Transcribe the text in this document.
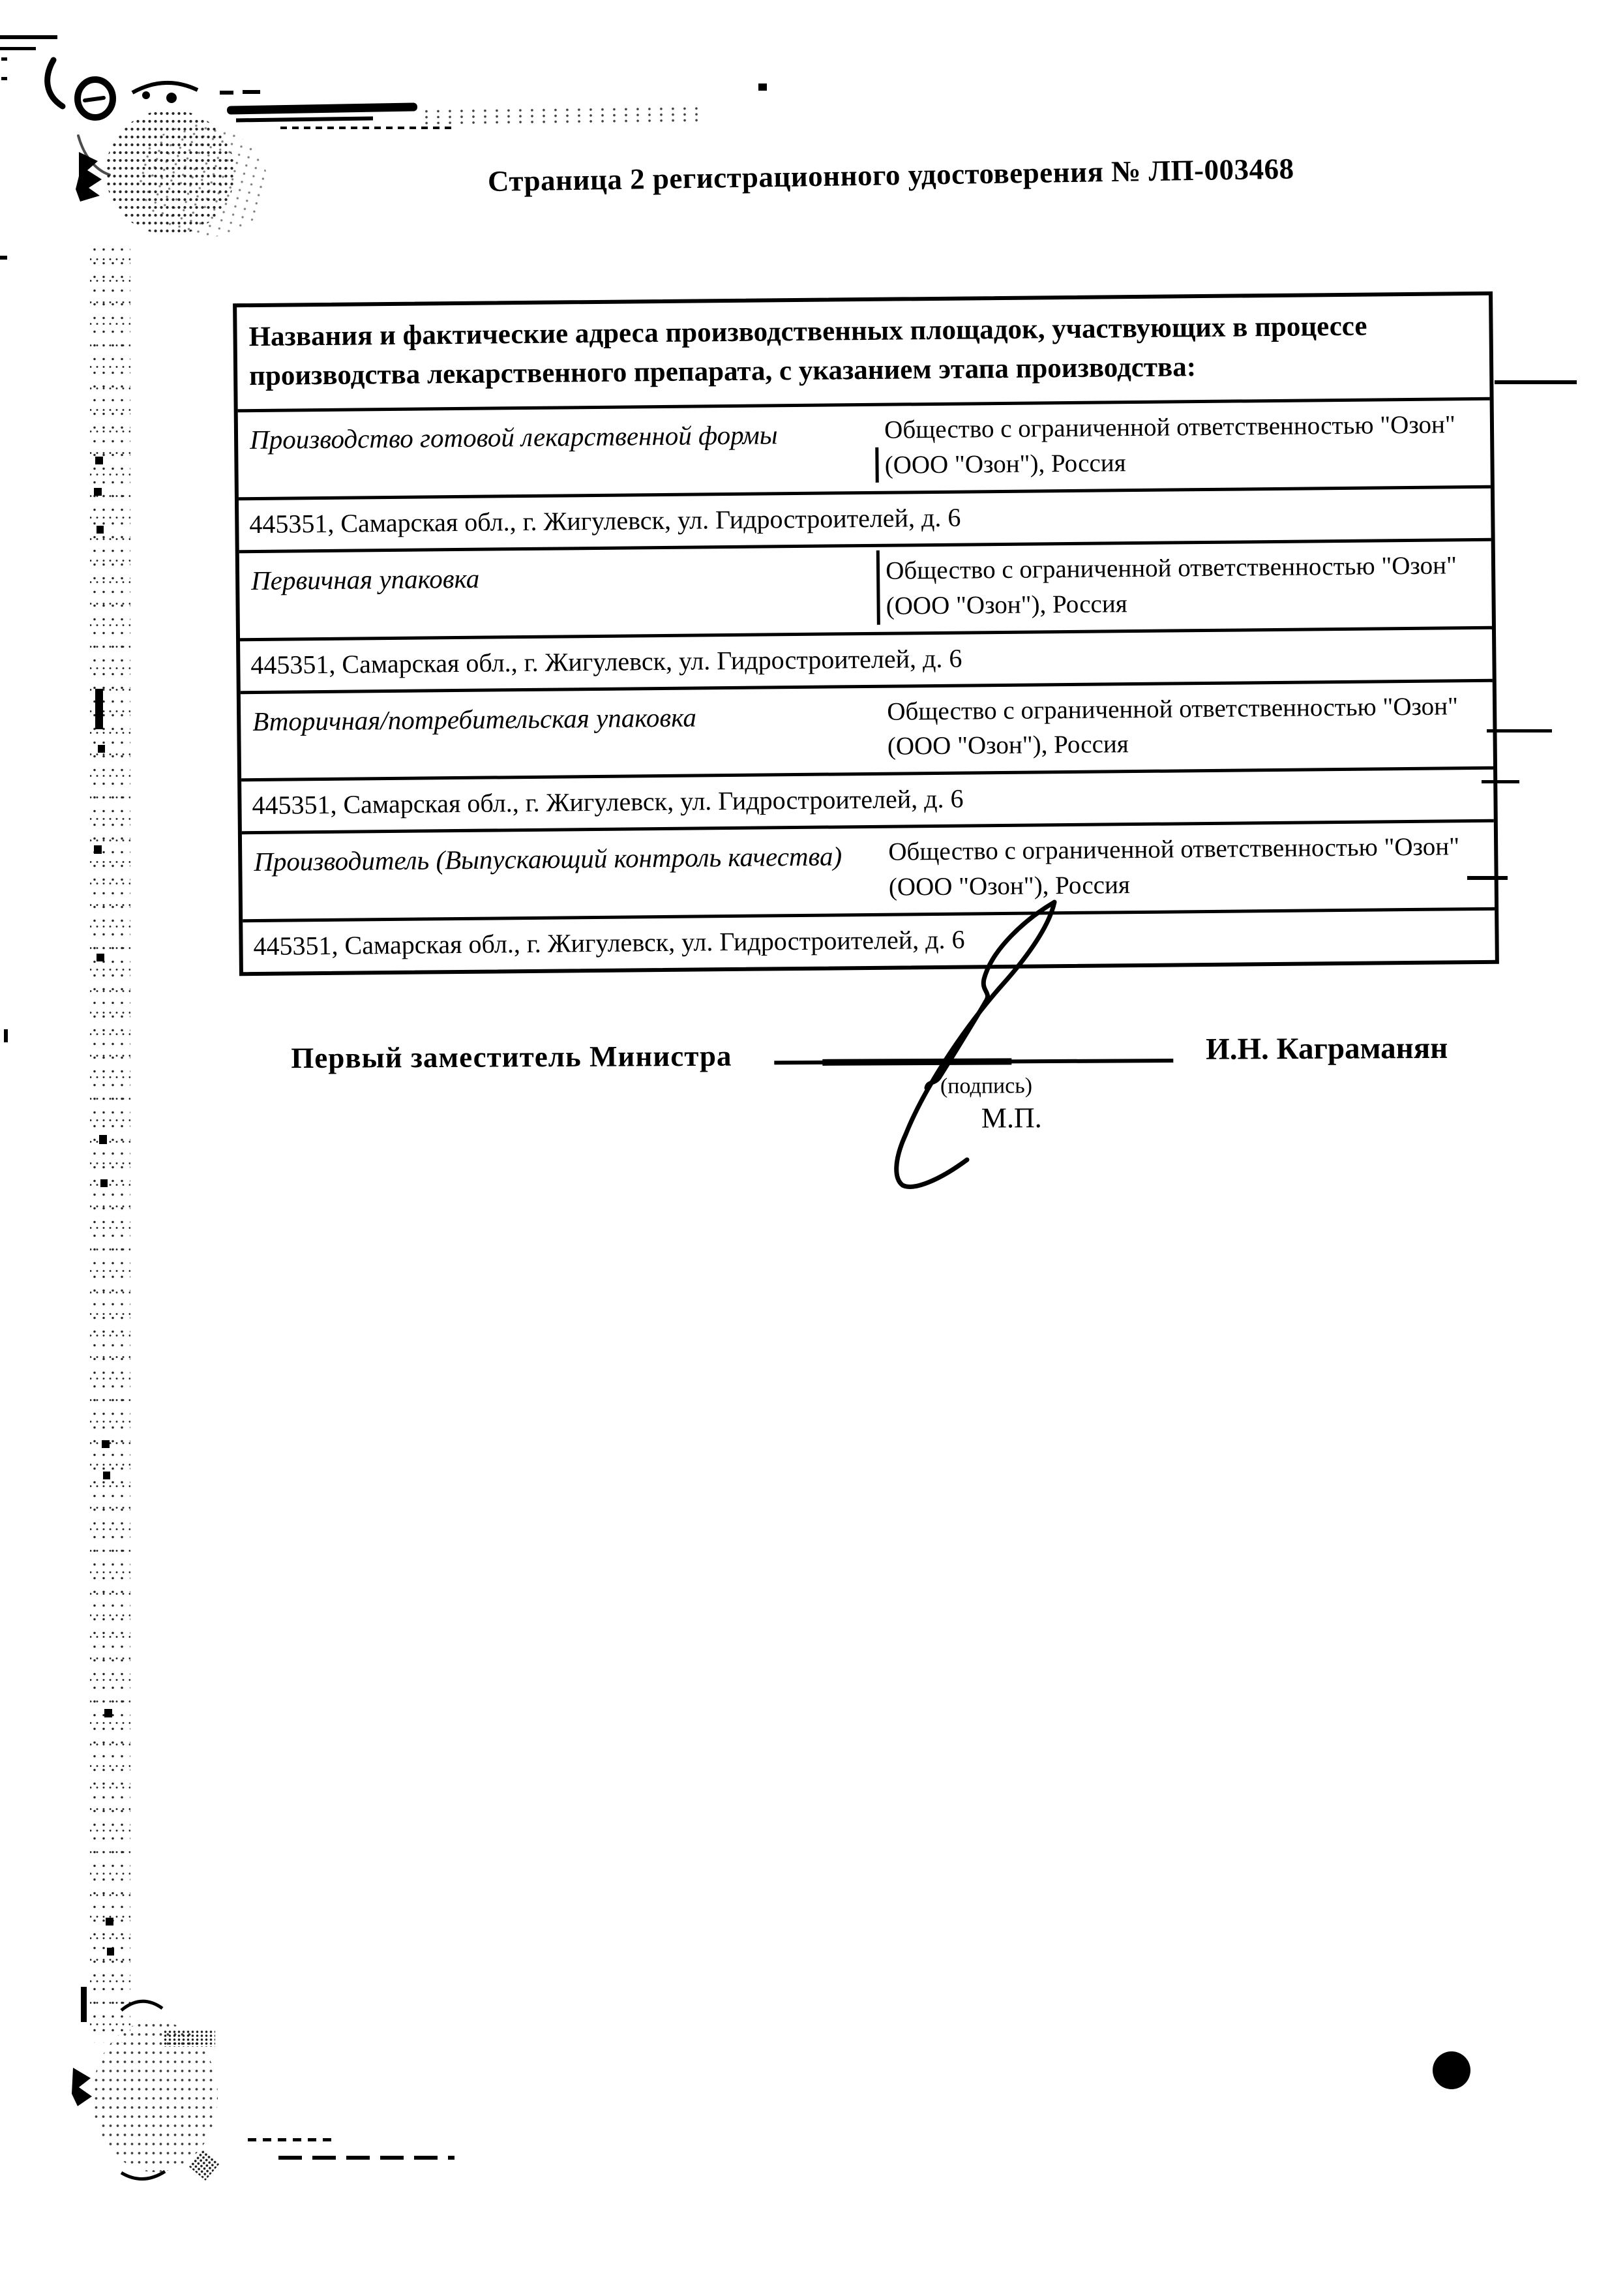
Страница 2 регистрационного удостоверения № ЛП-003468
Названия и фактические адреса производственных площадок, участвующих в процессе производства лекарственного препарата, с указанием этапа производства:
Производство готовой лекарственной формы	Общество с ограниченной ответственностью "Озон" (ООО "Озон"), Россия
445351, Самарская обл., г. Жигулевск, ул. Гидростроителей, д. 6
Первичная упаковка	Общество с ограниченной ответственностью "Озон" (ООО "Озон"), Россия
445351, Самарская обл., г. Жигулевск, ул. Гидростроителей, д. 6
Вторичная/потребительская упаковка	Общество с ограниченной ответственностью "Озон" (ООО "Озон"), Россия
445351, Самарская обл., г. Жигулевск, ул. Гидростроителей, д. 6
Производитель (Выпускающий контроль качества)	Общество с ограниченной ответственностью "Озон" (ООО "Озон"), Россия
445351, Самарская обл., г. Жигулевск, ул. Гидростроителей, д. 6
Первый заместитель Министра
(подпись)
М.П.
И.Н. Каграманян
